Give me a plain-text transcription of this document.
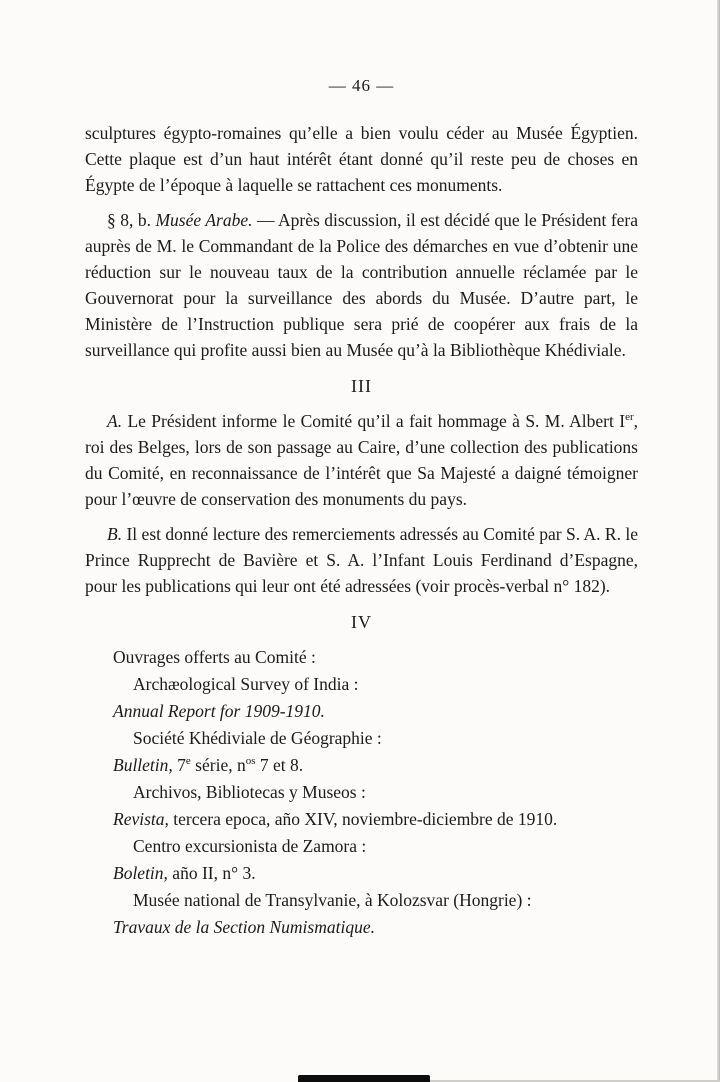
— 46 —

sculptures égypto-romaines qu’elle a bien voulu céder au Musée Égyptien. Cette plaque est d’un haut intérêt étant donné qu’il reste peu de choses en Égypte de l’époque à laquelle se rattachent ces monuments.

§ 8, b. Musée Arabe. — Après discussion, il est décidé que le Président fera auprès de M. le Commandant de la Police des démarches en vue d’obtenir une réduction sur le nouveau taux de la contribution annuelle réclamée par le Gouvernorat pour la surveillance des abords du Musée. D’autre part, le Ministère de l’Instruction publique sera prié de coopérer aux frais de la surveillance qui profite aussi bien au Musée qu’à la Bibliothèque Khédiviale.

III

A. Le Président informe le Comité qu’il a fait hommage à S. M. Albert Ier, roi des Belges, lors de son passage au Caire, d’une collection des publications du Comité, en reconnaissance de l’intérêt que Sa Majesté a daigné témoigner pour l’œuvre de conservation des monuments du pays.

B. Il est donné lecture des remerciements adressés au Comité par S. A. R. le Prince Rupprecht de Bavière et S. A. l’Infant Louis Ferdinand d’Espagne, pour les publications qui leur ont été adressées (voir procès-verbal n° 182).

IV

Ouvrages offerts au Comité :

Archæological Survey of India :

Annual Report for 1909-1910.

Société Khédiviale de Géographie :

Bulletin, 7e série, $n^{os}$ 7 et 8.

Archivos, Bibliotecas y Museos :

Revista, tercera epoca, año XIV, noviembre-diciembre de 1910.

Centro excursionista de Zamora :

Boletin, año II, n° 3.

Musée national de Transylvanie, à Kolozsvar (Hongrie) :

Travaux de la Section Numismatique.
